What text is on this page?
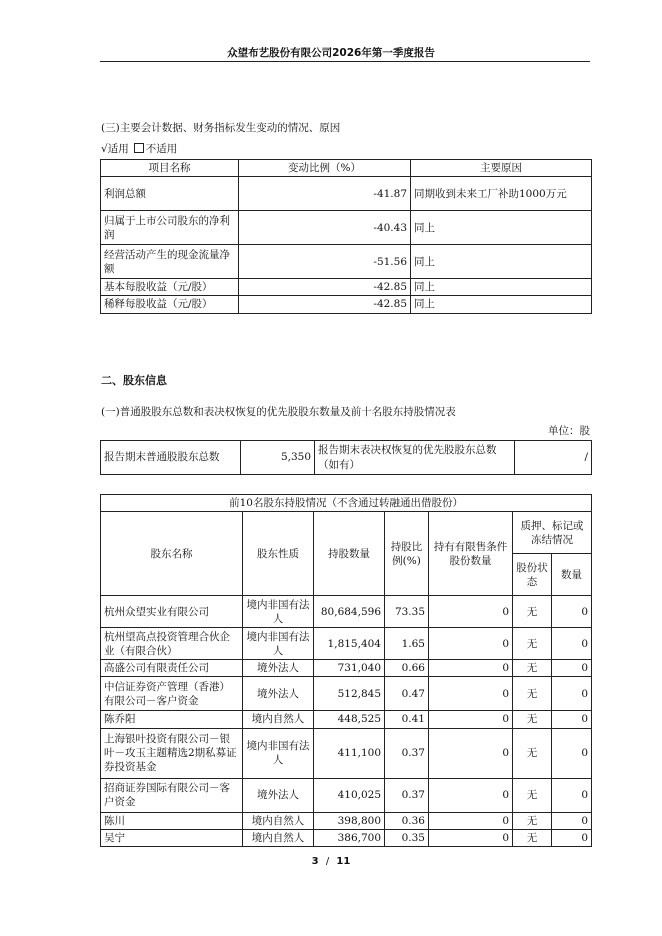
众望布艺股份有限公司2026年第一季度报告
(三)主要会计数据、财务指标发生变动的情况、原因
√适用 不适用
项目名称	变动比例（%）	主要原因
利润总额	-41.87	同期收到未来工厂补助1000万元
归属于上市公司股东的净利润	-40.43	同上
经营活动产生的现金流量净额	-51.56	同上
基本每股收益（元/股）	-42.85	同上
稀释每股收益（元/股）	-42.85	同上
二、股东信息
(一)普通股股东总数和表决权恢复的优先股股东数量及前十名股东持股情况表
单位：股
报告期末普通股股东总数	5,350	报告期末表决权恢复的优先股股东总数（如有）	/
前10名股东持股情况（不含通过转融通出借股份）						
股东名称	股东性质	持股数量	持股比例(%)	持有有限售条件股份数量	质押、标记或冻结情况	
					股份状态	数量
杭州众望实业有限公司	境内非国有法人	80,684,596	73.35	0	无	0
杭州望高点投资管理合伙企业（有限合伙）	境内非国有法人	1,815,404	1.65	0	无	0
高盛公司有限责任公司	境外法人	731,040	0.66	0	无	0
中信证券资产管理（香港）有限公司－客户资金	境外法人	512,845	0.47	0	无	0
陈乔阳	境内自然人	448,525	0.41	0	无	0
上海银叶投资有限公司－银叶－攻玉主题精选2期私募证券投资基金	境内非国有法人	411,100	0.37	0	无	0
招商证券国际有限公司－客户资金	境外法人	410,025	0.37	0	无	0
陈川	境内自然人	398,800	0.36	0	无	0
吴宁	境内自然人	386,700	0.35	0	无	0
3 / 11
